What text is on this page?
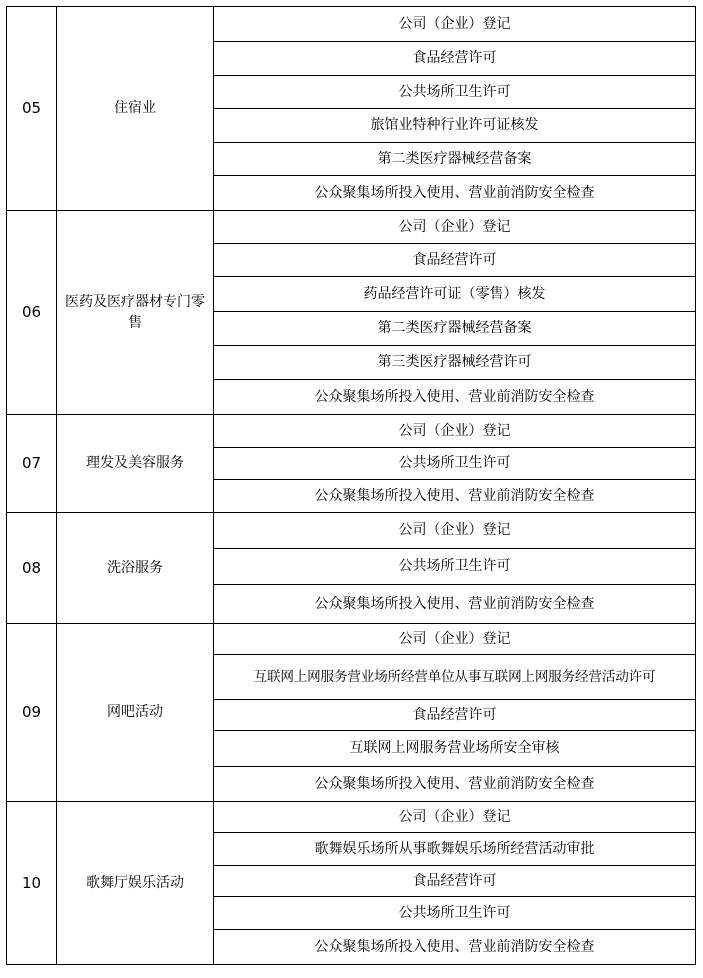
05	住宿业	公司（企业）登记
		食品经营许可
		公共场所卫生许可
		旅馆业特种行业许可证核发
		第二类医疗器械经营备案
		公众聚集场所投入使用、营业前消防安全检查
06	医药及医疗器材专门零售	公司（企业）登记
		食品经营许可
		药品经营许可证（零售）核发
		第二类医疗器械经营备案
		第三类医疗器械经营许可
		公众聚集场所投入使用、营业前消防安全检查
07	理发及美容服务	公司（企业）登记
		公共场所卫生许可
		公众聚集场所投入使用、营业前消防安全检查
08	洗浴服务	公司（企业）登记
		公共场所卫生许可
		公众聚集场所投入使用、营业前消防安全检查
09	网吧活动	公司（企业）登记
		互联网上网服务营业场所经营单位从事互联网上网服务经营活动许可
		食品经营许可
		互联网上网服务营业场所安全审核
		公众聚集场所投入使用、营业前消防安全检查
10	歌舞厅娱乐活动	公司（企业）登记
		歌舞娱乐场所从事歌舞娱乐场所经营活动审批
		食品经营许可
		公共场所卫生许可
		公众聚集场所投入使用、营业前消防安全检查
